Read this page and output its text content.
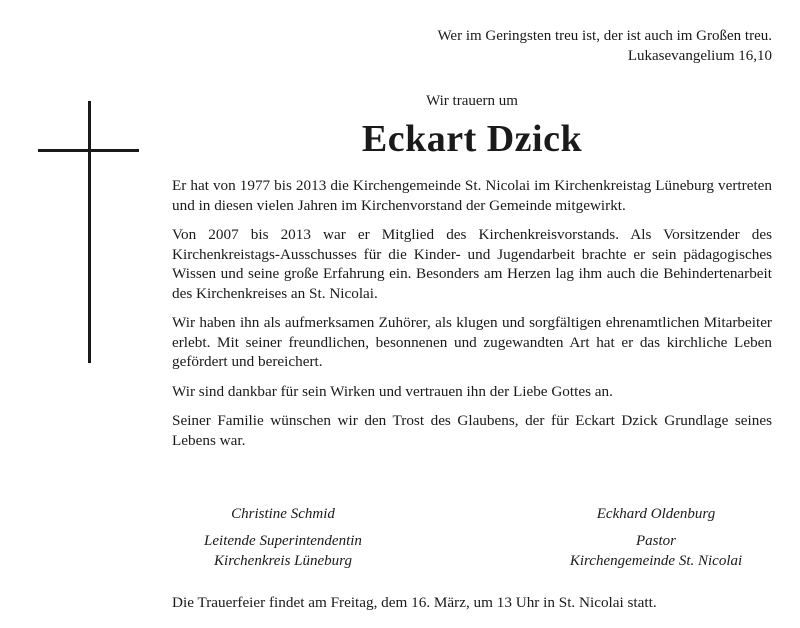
Wer im Geringsten treu ist, der ist auch im Großen treu.
Lukasevangelium 16,10
Wir trauern um
Eckart Dzick

Er hat von 1977 bis 2013 die Kirchengemeinde St. Nicolai im Kirchenkreistag Lüneburg vertreten und in diesen vielen Jahren im Kirchenvorstand der Gemeinde mitgewirkt.

Von 2007 bis 2013 war er Mitglied des Kirchenkreisvorstands. Als Vorsitzender des Kirchenkreistags-Ausschusses für die Kinder- und Jugendarbeit brachte er sein pädagogisches Wissen und seine große Erfahrung ein. Besonders am Herzen lag ihm auch die Behindertenarbeit des Kirchenkreises an St. Nicolai.

Wir haben ihn als aufmerksamen Zuhörer, als klugen und sorgfältigen ehrenamtlichen Mitarbeiter erlebt. Mit seiner freundlichen, besonnenen und zugewandten Art hat er das kirchliche Leben gefördert und bereichert.

Wir sind dankbar für sein Wirken und vertrauen ihn der Liebe Gottes an.

Seiner Familie wünschen wir den Trost des Glaubens, der für Eckart Dzick Grundlage seines Lebens war.

Christine Schmid
Leitende Superintendentin
Kirchenkreis Lüneburg
Eckhard Oldenburg
Pastor
Kirchengemeinde St. Nicolai
Die Trauerfeier findet am Freitag, dem 16. März, um 13 Uhr in St. Nicolai statt.
